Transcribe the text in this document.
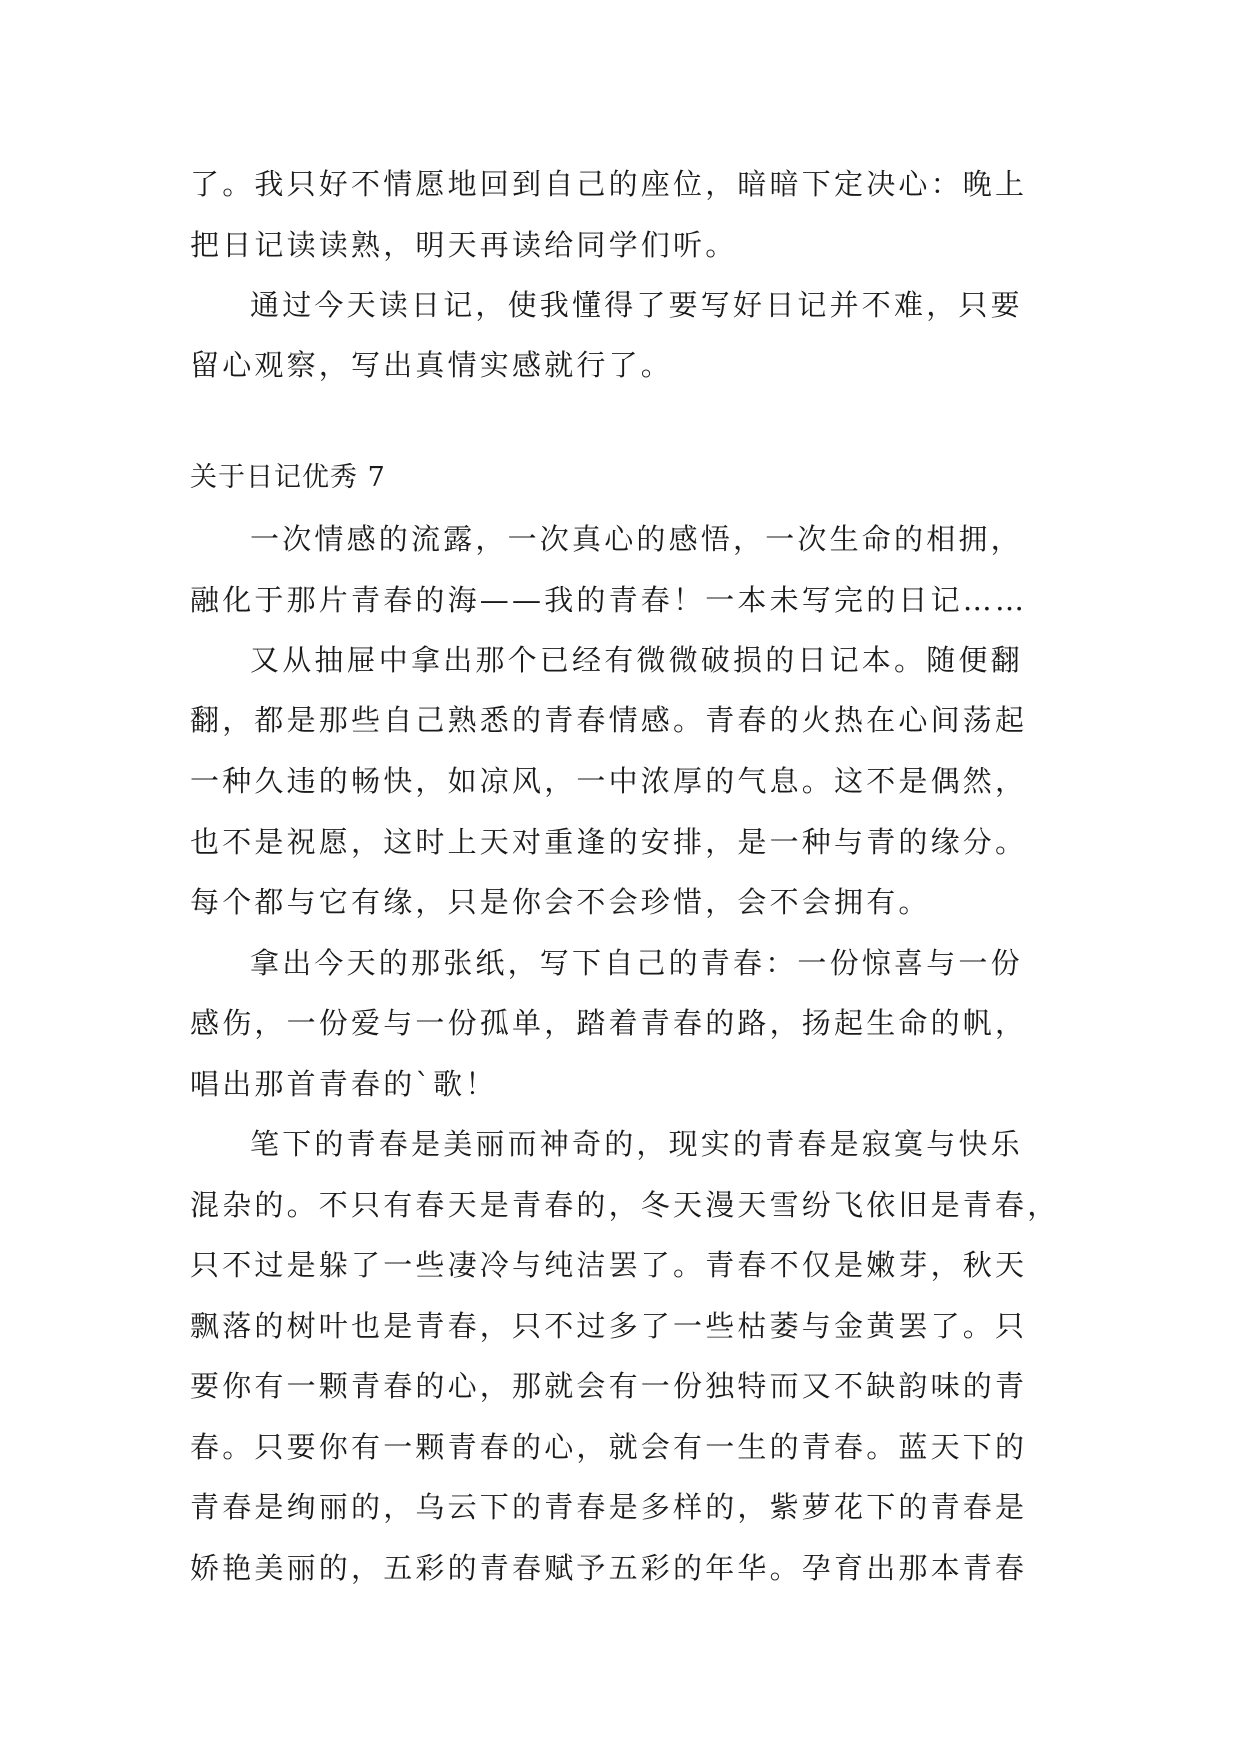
了。我只好不情愿地回到自己的座位，暗暗下定决心：晚上
把日记读读熟，明天再读给同学们听。
通过今天读日记，使我懂得了要写好日记并不难，只要
留心观察，写出真情实感就行了。
关于日记优秀 7
一次情感的流露，一次真心的感悟，一次生命的相拥，
融化于那片青春的海——我的青春！一本未写完的日记……
又从抽屉中拿出那个已经有微微破损的日记本。随便翻
翻，都是那些自己熟悉的青春情感。青春的火热在心间荡起
一种久违的畅快，如凉风，一中浓厚的气息。这不是偶然，
也不是祝愿，这时上天对重逢的安排，是一种与青的缘分。
每个都与它有缘，只是你会不会珍惜，会不会拥有。
拿出今天的那张纸，写下自己的青春：一份惊喜与一份
感伤，一份爱与一份孤单，踏着青春的路，扬起生命的帆，
唱出那首青春的`歌！
笔下的青春是美丽而神奇的，现实的青春是寂寞与快乐
混杂的。不只有春天是青春的，冬天漫天雪纷飞依旧是青春，
只不过是躲了一些凄冷与纯洁罢了。青春不仅是嫩芽，秋天
飘落的树叶也是青春，只不过多了一些枯萎与金黄罢了。只
要你有一颗青春的心，那就会有一份独特而又不缺韵味的青
春。只要你有一颗青春的心，就会有一生的青春。蓝天下的
青春是绚丽的，乌云下的青春是多样的，紫萝花下的青春是
娇艳美丽的，五彩的青春赋予五彩的年华。孕育出那本青春
